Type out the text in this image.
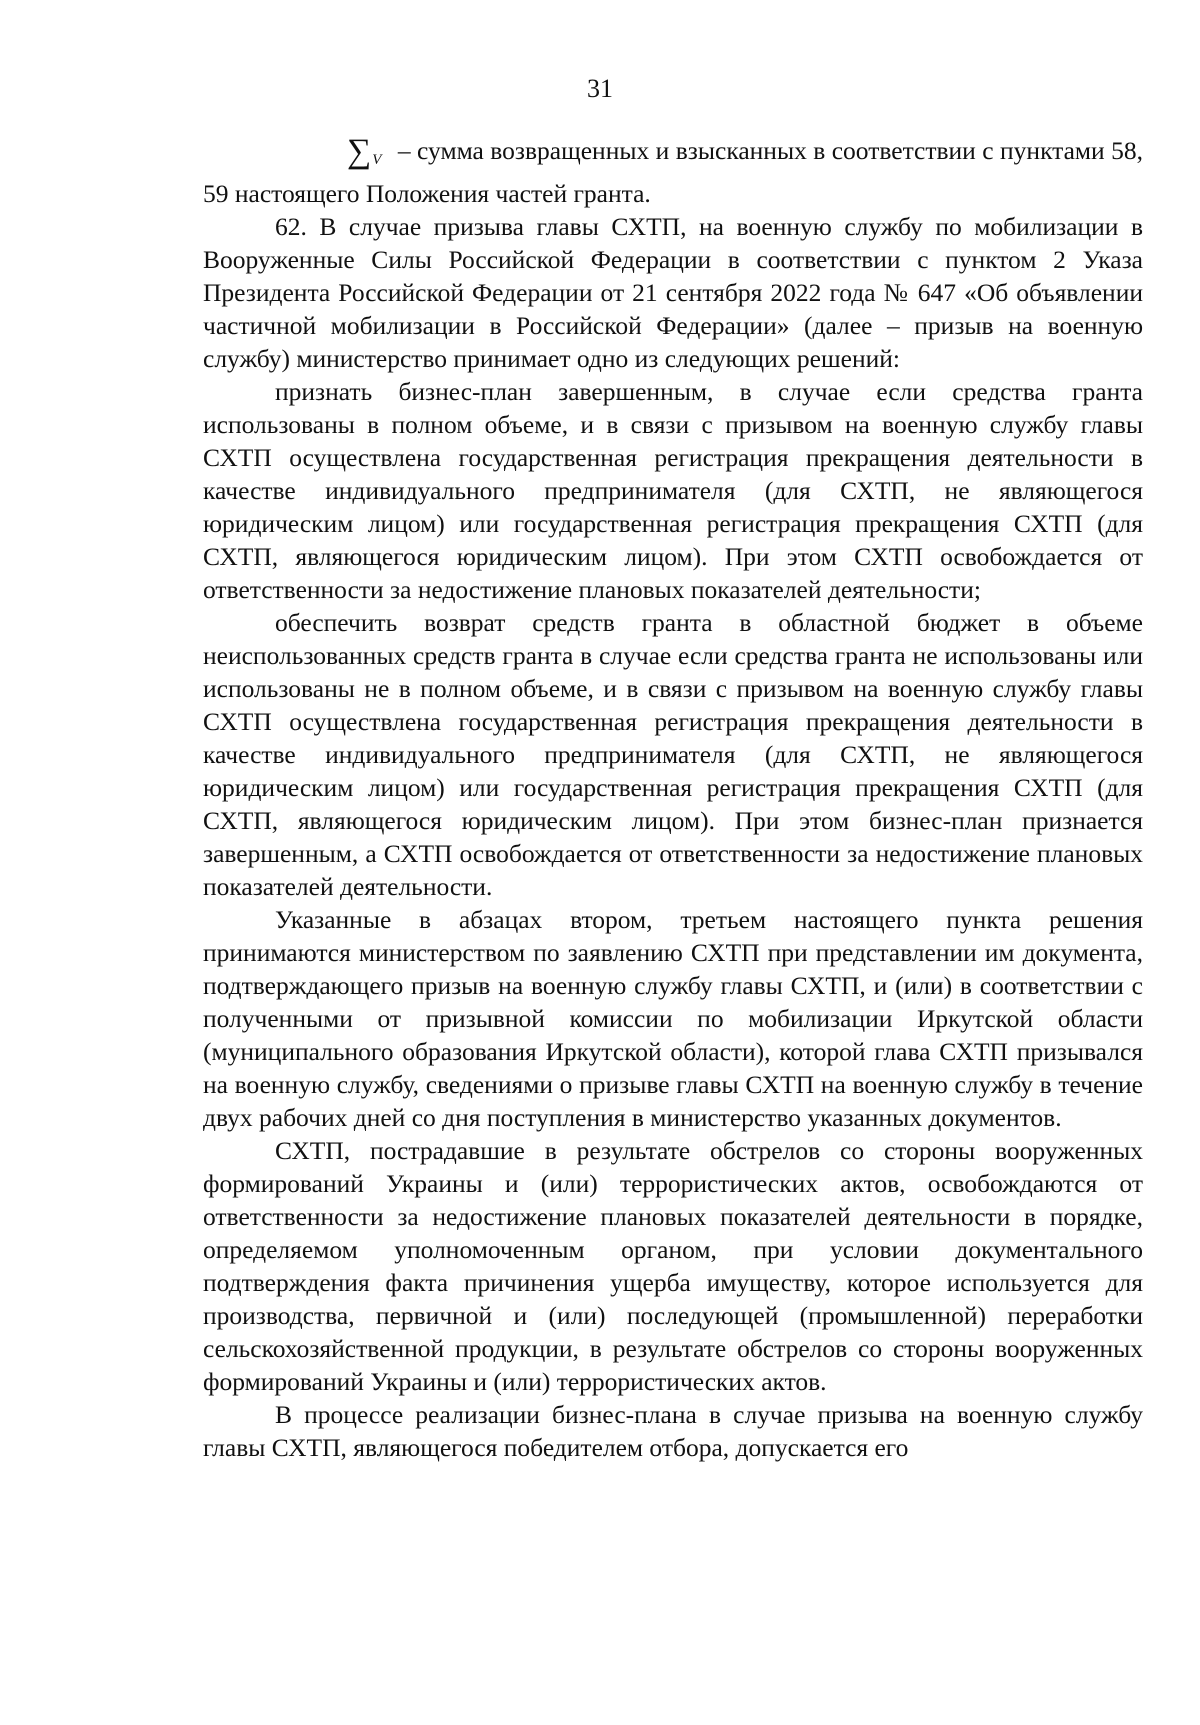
31

∑V – сумма возвращенных и взысканных в соответствии с пунктами 58, 59 настоящего Положения частей гранта.

62. В случае призыва главы СХТП, на военную службу по мобилизации в Вооруженные Силы Российской Федерации в соответствии с пунктом 2 Указа Президента Российской Федерации от 21 сентября 2022 года № 647 «Об объявлении частичной мобилизации в Российской Федерации» (далее – призыв на военную службу) министерство принимает одно из следующих решений:

признать бизнес-план завершенным, в случае если средства гранта использованы в полном объеме, и в связи с призывом на военную службу главы СХТП осуществлена государственная регистрация прекращения деятельности в качестве индивидуального предпринимателя (для СХТП, не являющегося юридическим лицом) или государственная регистрация прекращения СХТП (для СХТП, являющегося юридическим лицом). При этом СХТП освобождается от ответственности за недостижение плановых показателей деятельности;

обеспечить возврат средств гранта в областной бюджет в объеме неиспользованных средств гранта в случае если средства гранта не использованы или использованы не в полном объеме, и в связи с призывом на военную службу главы СХТП осуществлена государственная регистрация прекращения деятельности в качестве индивидуального предпринимателя (для СХТП, не являющегося юридическим лицом) или государственная регистрация прекращения СХТП (для СХТП, являющегося юридическим лицом). При этом бизнес-план признается завершенным, а СХТП освобождается от ответственности за недостижение плановых показателей деятельности.

Указанные в абзацах втором, третьем настоящего пункта решения принимаются министерством по заявлению СХТП при представлении им документа, подтверждающего призыв на военную службу главы СХТП, и (или) в соответствии с полученными от призывной комиссии по мобилизации Иркутской области (муниципального образования Иркутской области), которой глава СХТП призывался на военную службу, сведениями о призыве главы СХТП на военную службу в течение двух рабочих дней со дня поступления в министерство указанных документов.

СХТП, пострадавшие в результате обстрелов со стороны вооруженных формирований Украины и (или) террористических актов, освобождаются от ответственности за недостижение плановых показателей деятельности в порядке, определяемом уполномоченным органом, при условии документального подтверждения факта причинения ущерба имуществу, которое используется для производства, первичной и (или) последующей (промышленной) переработки сельскохозяйственной продукции, в результате обстрелов со стороны вооруженных формирований Украины и (или) террористических актов.

В процессе реализации бизнес-плана в случае призыва на военную службу главы СХТП, являющегося победителем отбора, допускается его
